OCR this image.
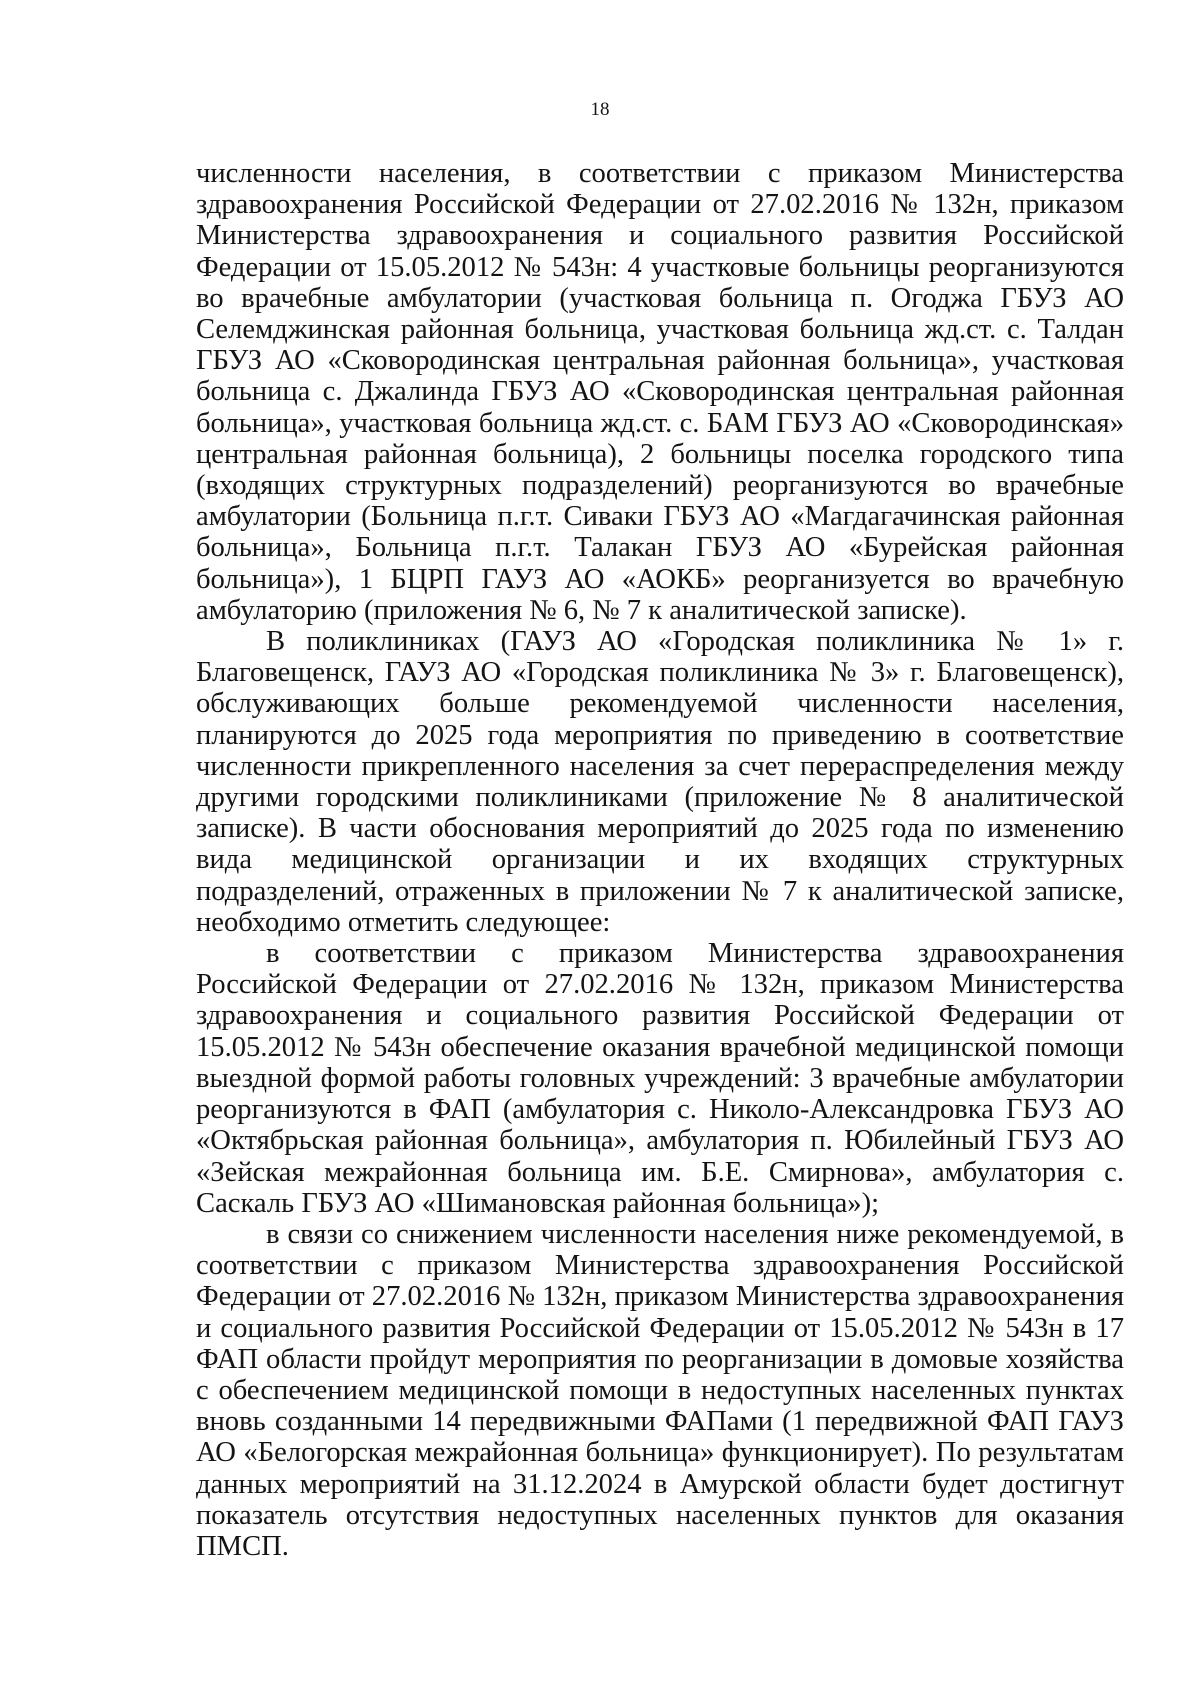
18

численности населения, в соответствии с приказом Министерства здравоохранения Российской Федерации от 27.02.2016 № 132н, приказом Министерства здравоохранения и социального развития Российской Федерации от 15.05.2012 № 543н: 4 участковые больницы реорганизуются во врачебные амбулатории (участковая больница п. Огоджа ГБУЗ АО Селемджинская районная больница, участковая больница жд.ст. с. Талдан ГБУЗ АО «Сковородинская центральная районная больница», участковая больница с. Джалинда ГБУЗ АО «Сковородинская центральная районная больница», участковая больница жд.ст. с. БАМ ГБУЗ АО «Сковородинская» центральная районная больница), 2 больницы поселка городского типа (входящих структурных подразделений) реорганизуются во врачебные амбулатории (Больница п.г.т. Сиваки ГБУЗ АО «Магдагачинская районная больница», Больница п.г.т. Талакан ГБУЗ АО «Бурейская районная больница»), 1 БЦРП ГАУЗ АО «АОКБ» реорганизуется во врачебную амбулаторию (приложения № 6, № 7 к аналитической записке).

В поликлиниках (ГАУЗ АО «Городская поликлиника № 1» г. Благовещенск, ГАУЗ АО «Городская поликлиника № 3» г. Благовещенск), обслуживающих больше рекомендуемой численности населения, планируются до 2025 года мероприятия по приведению в соответствие численности прикрепленного населения за счет перераспределения между другими городскими поликлиниками (приложение № 8 аналитической записке). В части обоснования мероприятий до 2025 года по изменению вида медицинской организации и их входящих структурных подразделений, отраженных в приложении № 7 к аналитической записке, необходимо отметить следующее:

в соответствии с приказом Министерства здравоохранения Российской Федерации от 27.02.2016 № 132н, приказом Министерства здравоохранения и социального развития Российской Федерации от 15.05.2012 № 543н обеспечение оказания врачебной медицинской помощи выездной формой работы головных учреждений: 3 врачебные амбулатории реорганизуются в ФАП (амбулатория с. Николо-Александровка ГБУЗ АО «Октябрьская районная больница», амбулатория п. Юбилейный ГБУЗ АО «Зейская межрайонная больница им. Б.Е. Смирнова», амбулатория с. Саскаль ГБУЗ АО «Шимановская районная больница»);

в связи со снижением численности населения ниже рекомендуемой, в соответствии с приказом Министерства здравоохранения Российской Федерации от 27.02.2016 № 132н, приказом Министерства здравоохранения и социального развития Российской Федерации от 15.05.2012 № 543н в 17 ФАП области пройдут мероприятия по реорганизации в домовые хозяйства с обеспечением медицинской помощи в недоступных населенных пунктах вновь созданными 14 передвижными ФАПами (1 передвижной ФАП ГАУЗ АО «Белогорская межрайонная больница» функционирует). По результатам данных мероприятий на 31.12.2024 в Амурской области будет достигнут показатель отсутствия недоступных населенных пунктов для оказания ПМСП.
